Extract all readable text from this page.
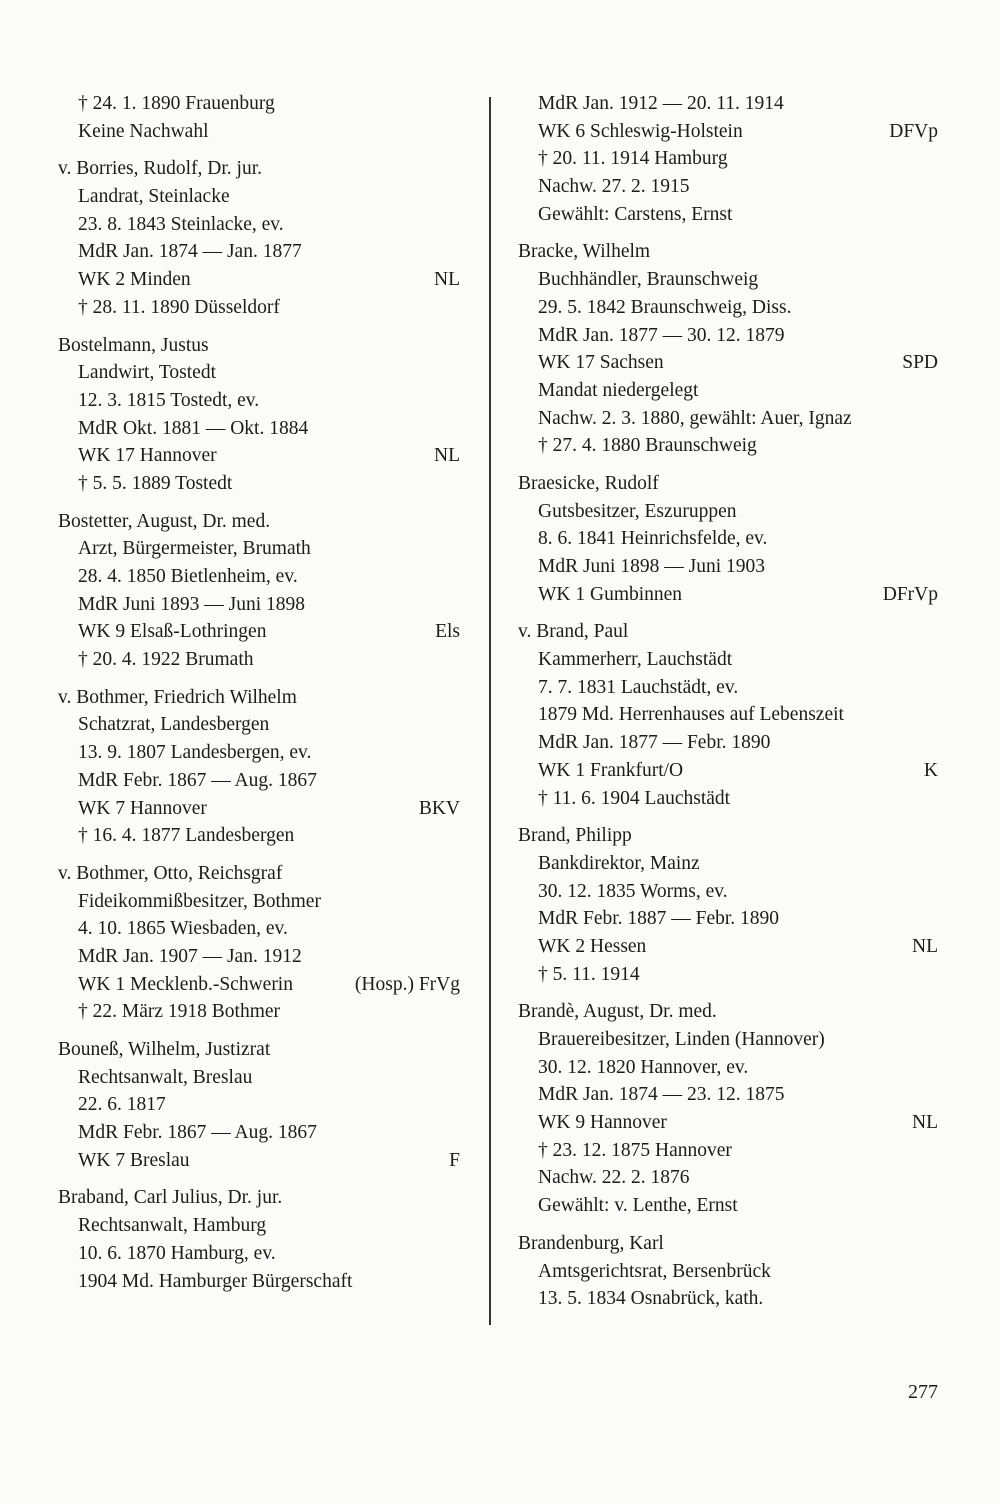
† 24. 1. 1890 Frauenburg
Keine Nachwahl
v. Borries, Rudolf, Dr. jur.
Landrat, Steinlacke
23. 8. 1843 Steinlacke, ev.
MdR Jan. 1874 — Jan. 1877
WK 2 Minden	NL
† 28. 11. 1890 Düsseldorf
Bostelmann, Justus
Landwirt, Tostedt
12. 3. 1815 Tostedt, ev.
MdR Okt. 1881 — Okt. 1884
WK 17 Hannover	NL
† 5. 5. 1889 Tostedt
Bostetter, August, Dr. med.
Arzt, Bürgermeister, Brumath
28. 4. 1850 Bietlenheim, ev.
MdR Juni 1893 — Juni 1898
WK 9 Elsaß-Lothringen	Els
† 20. 4. 1922 Brumath
v. Bothmer, Friedrich Wilhelm
Schatzrat, Landesbergen
13. 9. 1807 Landesbergen, ev.
MdR Febr. 1867 — Aug. 1867
WK 7 Hannover	BKV
† 16. 4. 1877 Landesbergen
v. Bothmer, Otto, Reichsgraf
Fideikommißbesitzer, Bothmer
4. 10. 1865 Wiesbaden, ev.
MdR Jan. 1907 — Jan. 1912
WK 1 Mecklenb.-Schwerin	(Hosp.) FrVg
† 22. März 1918 Bothmer
Bouneß, Wilhelm, Justizrat
Rechtsanwalt, Breslau
22. 6. 1817
MdR Febr. 1867 — Aug. 1867
WK 7 Breslau	F
Braband, Carl Julius, Dr. jur.
Rechtsanwalt, Hamburg
10. 6. 1870 Hamburg, ev.
1904 Md. Hamburger Bürgerschaft
MdR Jan. 1912 — 20. 11. 1914
WK 6 Schleswig-Holstein	DFVp
† 20. 11. 1914 Hamburg
Nachw. 27. 2. 1915
Gewählt: Carstens, Ernst
Bracke, Wilhelm
Buchhändler, Braunschweig
29. 5. 1842 Braunschweig, Diss.
MdR Jan. 1877 — 30. 12. 1879
WK 17 Sachsen	SPD
Mandat niedergelegt
Nachw. 2. 3. 1880, gewählt: Auer, Ignaz
† 27. 4. 1880 Braunschweig
Braesicke, Rudolf
Gutsbesitzer, Eszuruppen
8. 6. 1841 Heinrichsfelde, ev.
MdR Juni 1898 — Juni 1903
WK 1 Gumbinnen	DFrVp
v. Brand, Paul
Kammerherr, Lauchstädt
7. 7. 1831 Lauchstädt, ev.
1879 Md. Herrenhauses auf Lebenszeit
MdR Jan. 1877 — Febr. 1890
WK 1 Frankfurt/O	K
† 11. 6. 1904 Lauchstädt
Brand, Philipp
Bankdirektor, Mainz
30. 12. 1835 Worms, ev.
MdR Febr. 1887 — Febr. 1890
WK 2 Hessen	NL
† 5. 11. 1914
Brandè, August, Dr. med.
Brauereibesitzer, Linden (Hannover)
30. 12. 1820 Hannover, ev.
MdR Jan. 1874 — 23. 12. 1875
WK 9 Hannover	NL
† 23. 12. 1875 Hannover
Nachw. 22. 2. 1876
Gewählt: v. Lenthe, Ernst
Brandenburg, Karl
Amtsgerichtsrat, Bersenbrück
13. 5. 1834 Osnabrück, kath.
277
